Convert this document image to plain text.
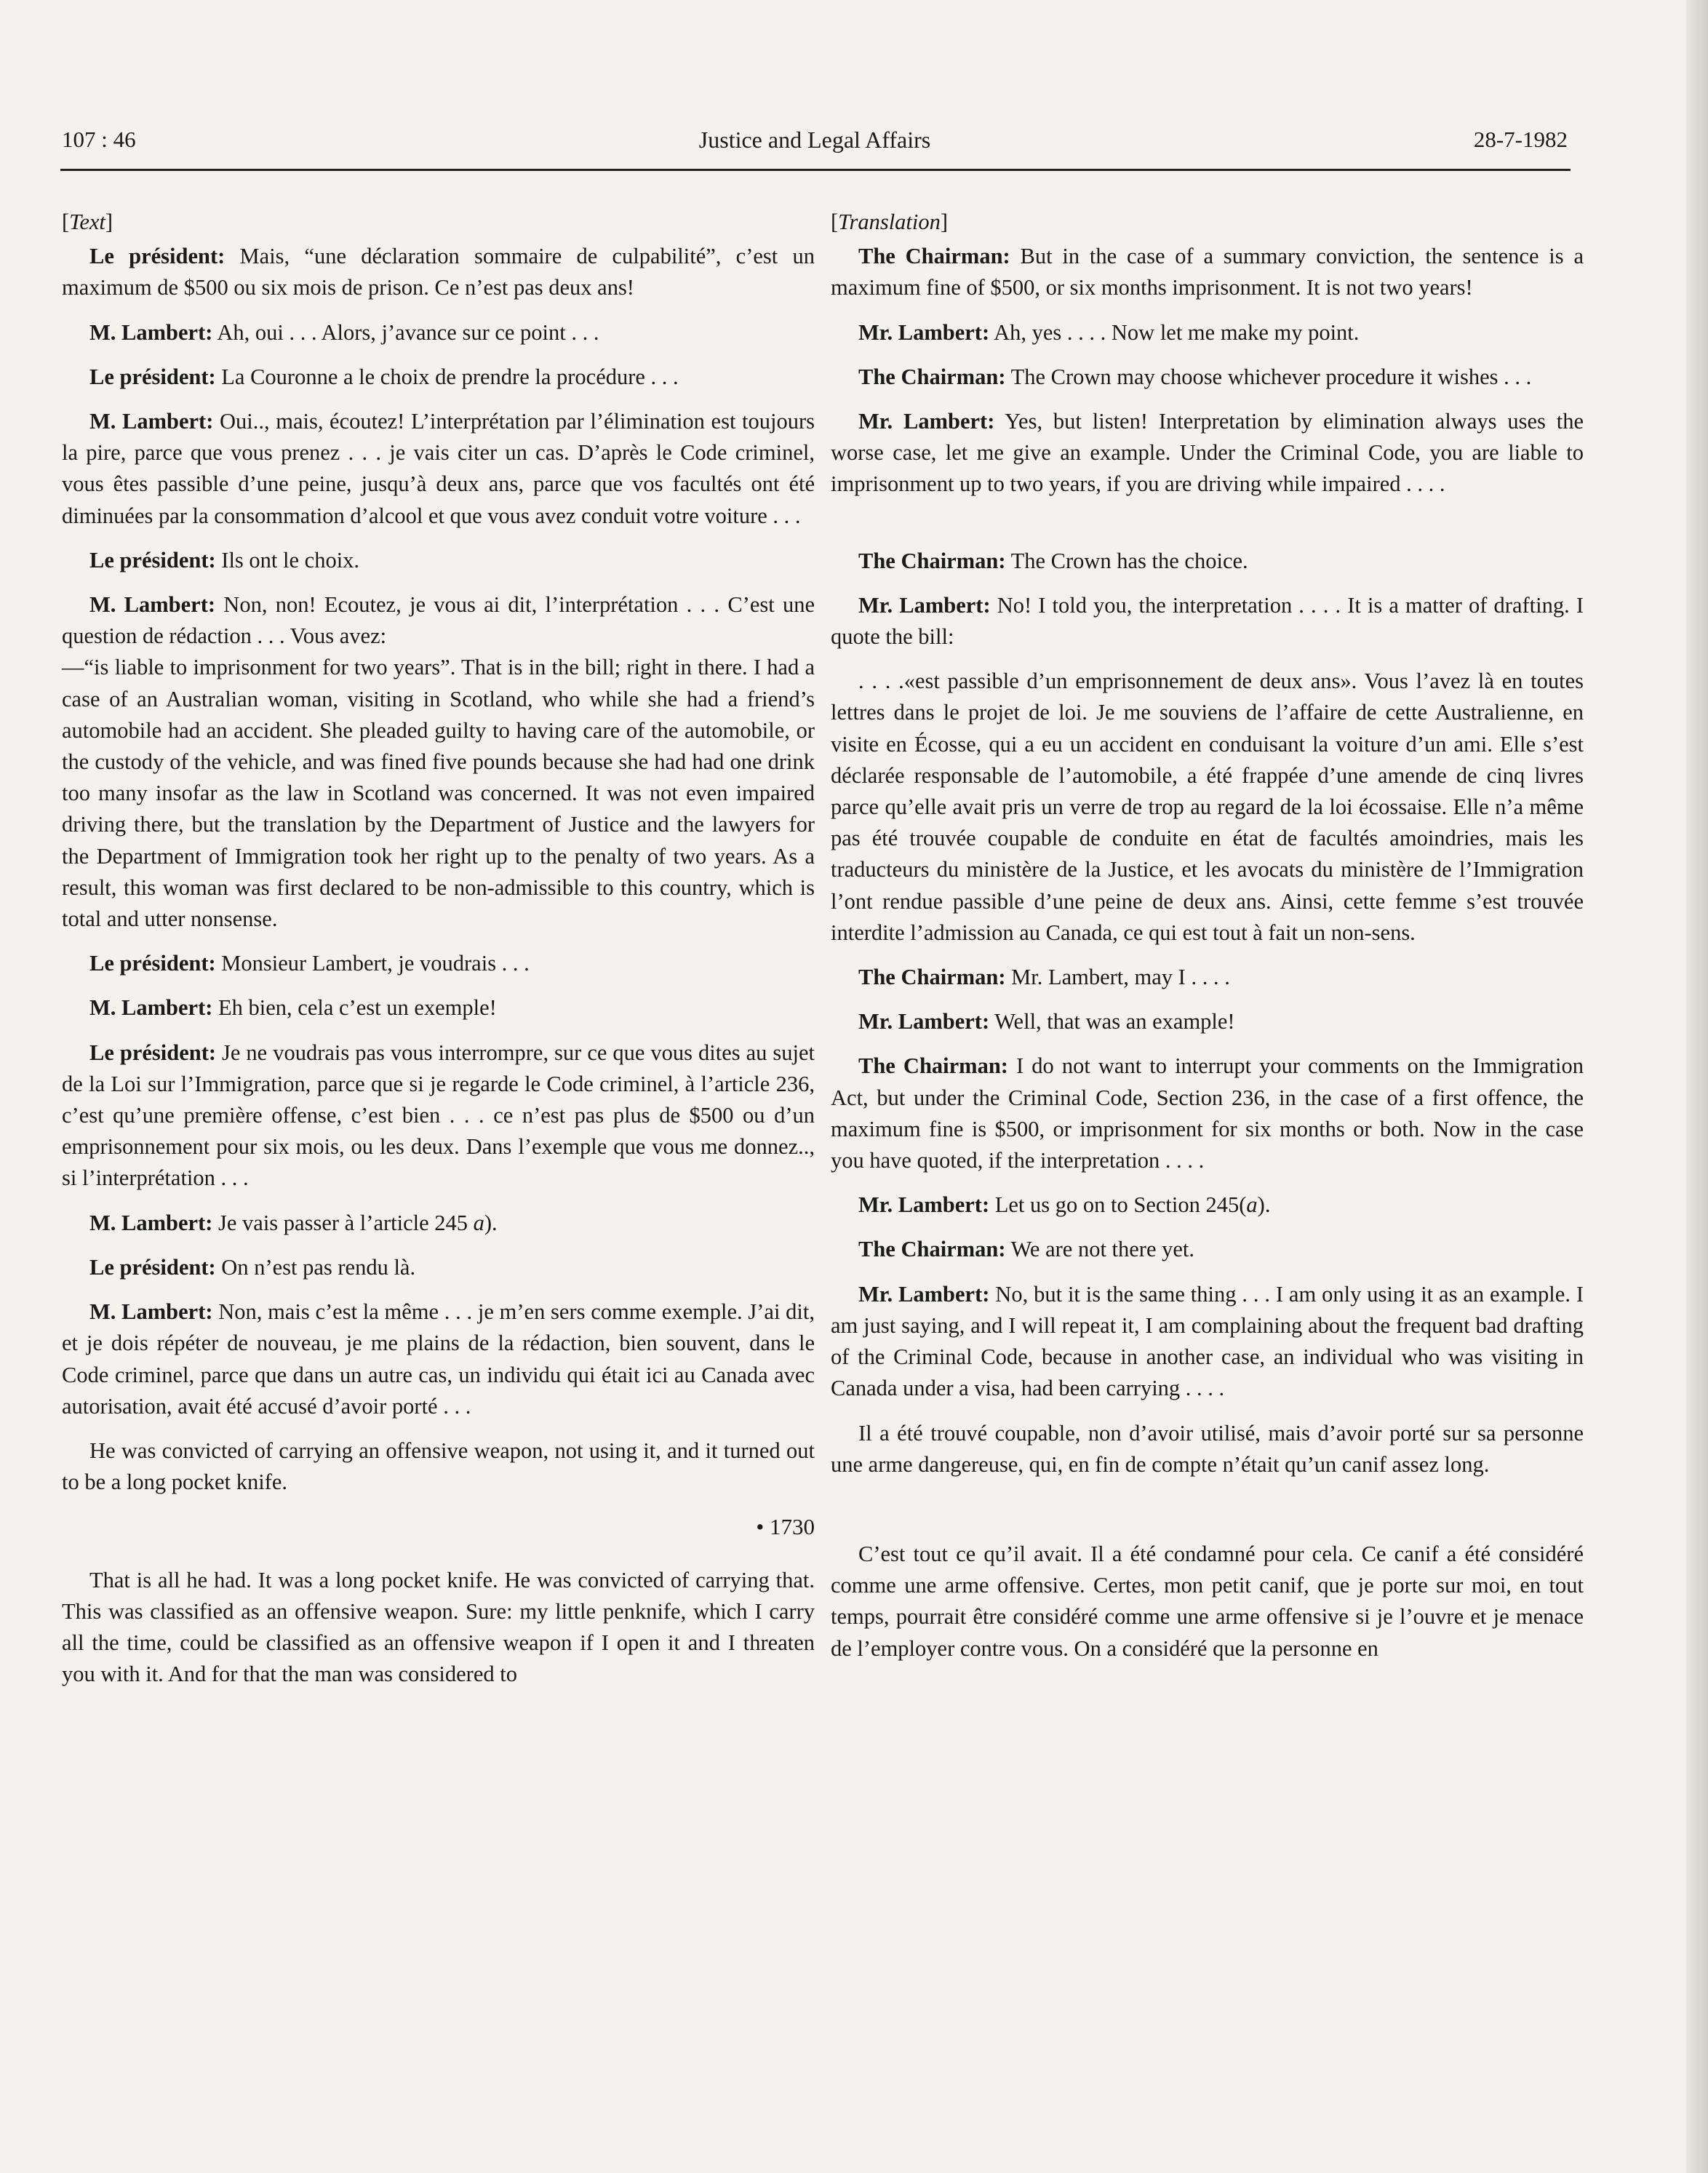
107 : 46	Justice and Legal Affairs	28-7-1982

[Text]

Le président: Mais, “une déclaration sommaire de culpabilité”, c’est un maximum de $500 ou six mois de prison. Ce n’est pas deux ans!

M. Lambert: Ah, oui . . . Alors, j’avance sur ce point . . .

Le président: La Couronne a le choix de prendre la procédure . . .

M. Lambert: Oui.., mais, écoutez! L’interprétation par l’élimination est toujours la pire, parce que vous prenez . . . je vais citer un cas. D’après le Code criminel, vous êtes passible d’une peine, jusqu’à deux ans, parce que vos facultés ont été diminuées par la consommation d’alcool et que vous avez conduit votre voiture . . .

Le président: Ils ont le choix.

M. Lambert: Non, non! Ecoutez, je vous ai dit, l’interprétation . . . C’est une question de rédaction . . . Vous avez:

—“is liable to imprisonment for two years”. That is in the bill; right in there. I had a case of an Australian woman, visiting in Scotland, who while she had a friend’s automobile had an accident. She pleaded guilty to having care of the automobile, or the custody of the vehicle, and was fined five pounds because she had had one drink too many insofar as the law in Scotland was concerned. It was not even impaired driving there, but the translation by the Department of Justice and the lawyers for the Department of Immigration took her right up to the penalty of two years. As a result, this woman was first declared to be non-admissible to this country, which is total and utter nonsense.

Le président: Monsieur Lambert, je voudrais . . .

M. Lambert: Eh bien, cela c’est un exemple!

Le président: Je ne voudrais pas vous interrompre, sur ce que vous dites au sujet de la Loi sur l’Immigration, parce que si je regarde le Code criminel, à l’article 236, c’est qu’une première offense, c’est bien . . . ce n’est pas plus de $500 ou d’un emprisonnement pour six mois, ou les deux. Dans l’exemple que vous me donnez.., si l’interprétation . . .

M. Lambert: Je vais passer à l’article 245 a).

Le président: On n’est pas rendu là.

M. Lambert: Non, mais c’est la même . . . je m’en sers comme exemple. J’ai dit, et je dois répéter de nouveau, je me plains de la rédaction, bien souvent, dans le Code criminel, parce que dans un autre cas, un individu qui était ici au Canada avec autorisation, avait été accusé d’avoir porté . . .

He was convicted of carrying an offensive weapon, not using it, and it turned out to be a long pocket knife.

• 1730

That is all he had. It was a long pocket knife. He was convicted of carrying that. This was classified as an offensive weapon. Sure: my little penknife, which I carry all the time, could be classified as an offensive weapon if I open it and I threaten you with it. And for that the man was considered to

[Translation]

The Chairman: But in the case of a summary conviction, the sentence is a maximum fine of $500, or six months imprisonment. It is not two years!

Mr. Lambert: Ah, yes . . . . Now let me make my point.

The Chairman: The Crown may choose whichever procedure it wishes . . .

Mr. Lambert: Yes, but listen! Interpretation by elimination always uses the worse case, let me give an example. Under the Criminal Code, you are liable to imprisonment up to two years, if you are driving while impaired . . . .

The Chairman: The Crown has the choice.

Mr. Lambert: No! I told you, the interpretation . . . . It is a matter of drafting. I quote the bill:

. . . .«est passible d’un emprisonnement de deux ans». Vous l’avez là en toutes lettres dans le projet de loi. Je me souviens de l’affaire de cette Australienne, en visite en Écosse, qui a eu un accident en conduisant la voiture d’un ami. Elle s’est déclarée responsable de l’automobile, a été frappée d’une amende de cinq livres parce qu’elle avait pris un verre de trop au regard de la loi écossaise. Elle n’a même pas été trouvée coupable de conduite en état de facultés amoindries, mais les traducteurs du ministère de la Justice, et les avocats du ministère de l’Immigration l’ont rendue passible d’une peine de deux ans. Ainsi, cette femme s’est trouvée interdite l’admission au Canada, ce qui est tout à fait un non-sens.

The Chairman: Mr. Lambert, may I . . . .

Mr. Lambert: Well, that was an example!

The Chairman: I do not want to interrupt your comments on the Immigration Act, but under the Criminal Code, Section 236, in the case of a first offence, the maximum fine is $500, or imprisonment for six months or both. Now in the case you have quoted, if the interpretation . . . .

Mr. Lambert: Let us go on to Section 245(a).

The Chairman: We are not there yet.

Mr. Lambert: No, but it is the same thing . . . I am only using it as an example. I am just saying, and I will repeat it, I am complaining about the frequent bad drafting of the Criminal Code, because in another case, an individual who was visiting in Canada under a visa, had been carrying . . . .

Il a été trouvé coupable, non d’avoir utilisé, mais d’avoir porté sur sa personne une arme dangereuse, qui, en fin de compte n’était qu’un canif assez long.

C’est tout ce qu’il avait. Il a été condamné pour cela. Ce canif a été considéré comme une arme offensive. Certes, mon petit canif, que je porte sur moi, en tout temps, pourrait être considéré comme une arme offensive si je l’ouvre et je menace de l’employer contre vous. On a considéré que la personne en
